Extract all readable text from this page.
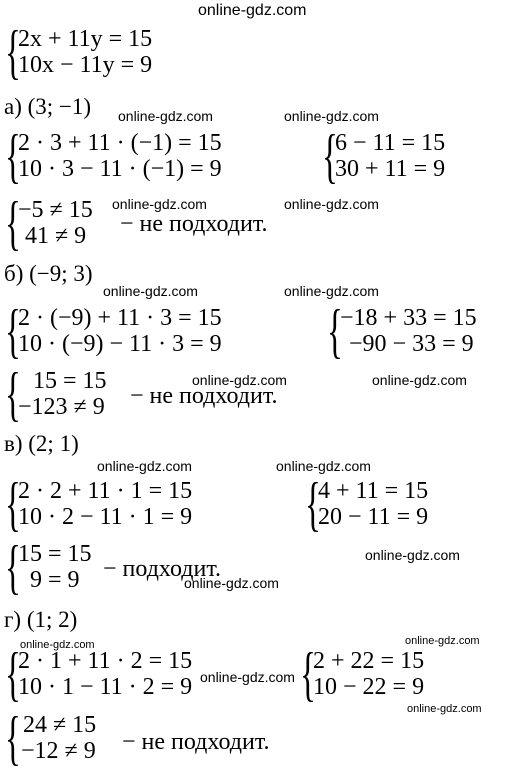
online-gdz.com
{
2x + 11y = 15
10x − 11y = 9
а) (3; −1) online-gdz.com	online-gdz.com
{
2 · 3 + 11 · (−1) = 15
10 · 3 − 11 · (−1) = 9 {
6 − 11 = 15
30 + 11 = 9
online-gdz.com	online-gdz.com
{
−5 ≠ 15
41 ≠ 9 − не подходит.
б) (−9; 3)
online-gdz.com	online-gdz.com
{
2 · (−9) + 11 · 3 = 15
10 · (−9) − 11 · 3 = 9 {
−18 + 33 = 15
−90 − 33 = 9
online-gdz.com	online-gdz.com
{ 15 = 15
−123 ≠ 9 − не подходит.
в) (2; 1)
online-gdz.com	online-gdz.com
{
2 · 2 + 11 · 1 = 15
10 · 2 − 11 · 1 = 9 {
4 + 11 = 15
20 − 11 = 9
{
15 = 15
9 = 9 − подходит.
online-gdz.com
online-gdz.com
г) (1; 2)
online-gdz.com
online-gdz.com
{
2 · 1 + 11 · 2 = 15
10 · 1 − 11 · 2 = 9 online-gdz.com {
2 + 22 = 15
10 − 22 = 9
online-gdz.com
{ 24 ≠ 15
−12 ≠ 9 − не подходит.
